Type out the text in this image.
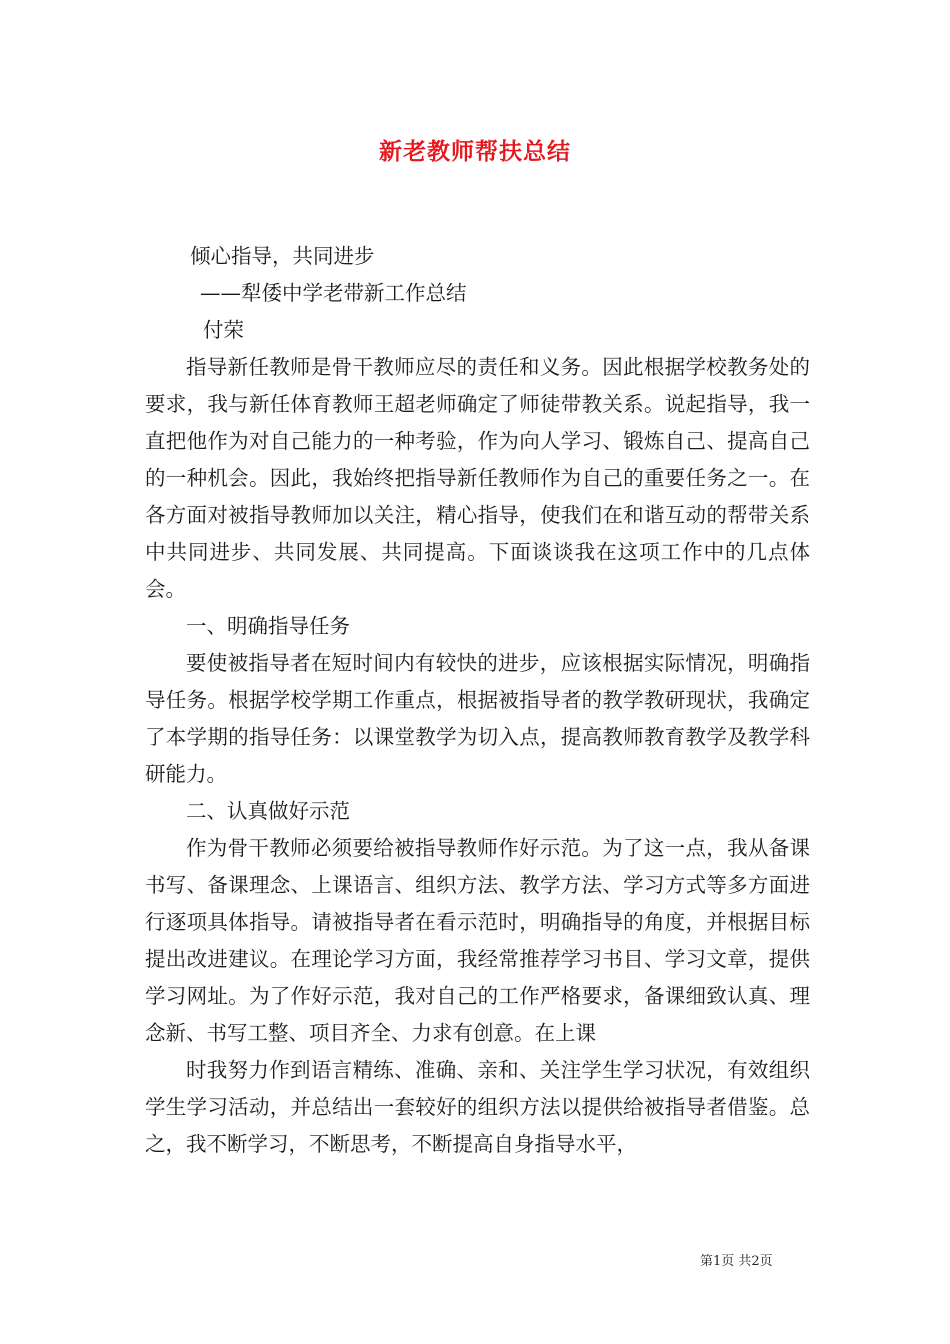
新老教师帮扶总结
倾心指导，共同进步
——犁倭中学老带新工作总结
付荣

指导新任教师是骨干教师应尽的责任和义务。因此根据学校教务处的要求，我与新任体育教师王超老师确定了师徒带教关系。说起指导，我一直把他作为对自己能力的一种考验，作为向人学习、锻炼自己、提高自己的一种机会。因此，我始终把指导新任教师作为自己的重要任务之一。在各方面对被指导教师加以关注，精心指导，使我们在和谐互动的帮带关系中共同进步、共同发展、共同提高。下面谈谈我在这项工作中的几点体会。

一、明确指导任务

要使被指导者在短时间内有较快的进步，应该根据实际情况，明确指导任务。根据学校学期工作重点，根据被指导者的教学教研现状，我确定了本学期的指导任务：以课堂教学为切入点，提高教师教育教学及教学科研能力。

二、认真做好示范

作为骨干教师必须要给被指导教师作好示范。为了这一点，我从备课书写、备课理念、上课语言、组织方法、教学方法、学习方式等多方面进行逐项具体指导。请被指导者在看示范时，明确指导的角度，并根据目标提出改进建议。在理论学习方面，我经常推荐学习书目、学习文章，提供学习网址。为了作好示范，我对自己的工作严格要求，备课细致认真、理念新、书写工整、项目齐全、力求有创意。在上课

时我努力作到语言精练、准确、亲和、关注学生学习状况，有效组织学生学习活动，并总结出一套较好的组织方法以提供给被指导者借鉴。总之，我不断学习，不断思考，不断提高自身指导水平，

第1页 共2页
